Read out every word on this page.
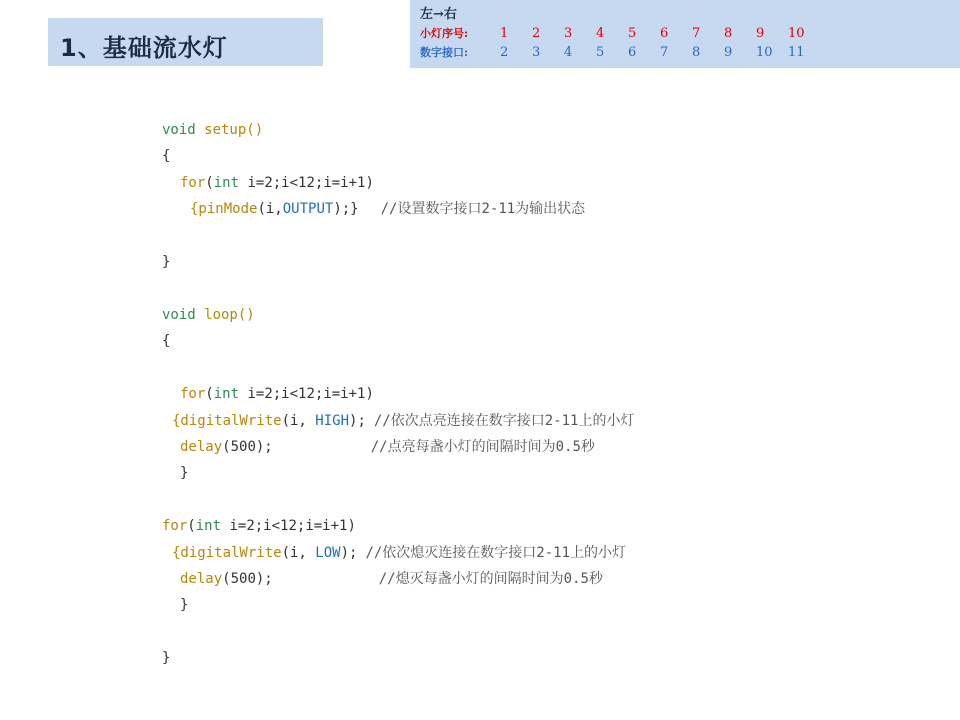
1、基础流水灯
左→右
小灯序号:	1	2	3	4	5	6	7	8	9	10
数字接口:	2	3	4	5	6	7	8	9	10	11
void setup()
{
for(int i=2;i<12;i=i+1)
{pinMode(i,OUTPUT);} //设置数字接口2-11为输出状态
}
void loop()
{
for(int i=2;i<12;i=i+1)
{digitalWrite(i, HIGH); //依次点亮连接在数字接口2-11上的小灯
delay(500);	//点亮每盏小灯的间隔时间为0.5秒
}
for(int i=2;i<12;i=i+1)
{digitalWrite(i, LOW); //依次熄灭连接在数字接口2-11上的小灯
delay(500);	//熄灭每盏小灯的间隔时间为0.5秒
}
}
